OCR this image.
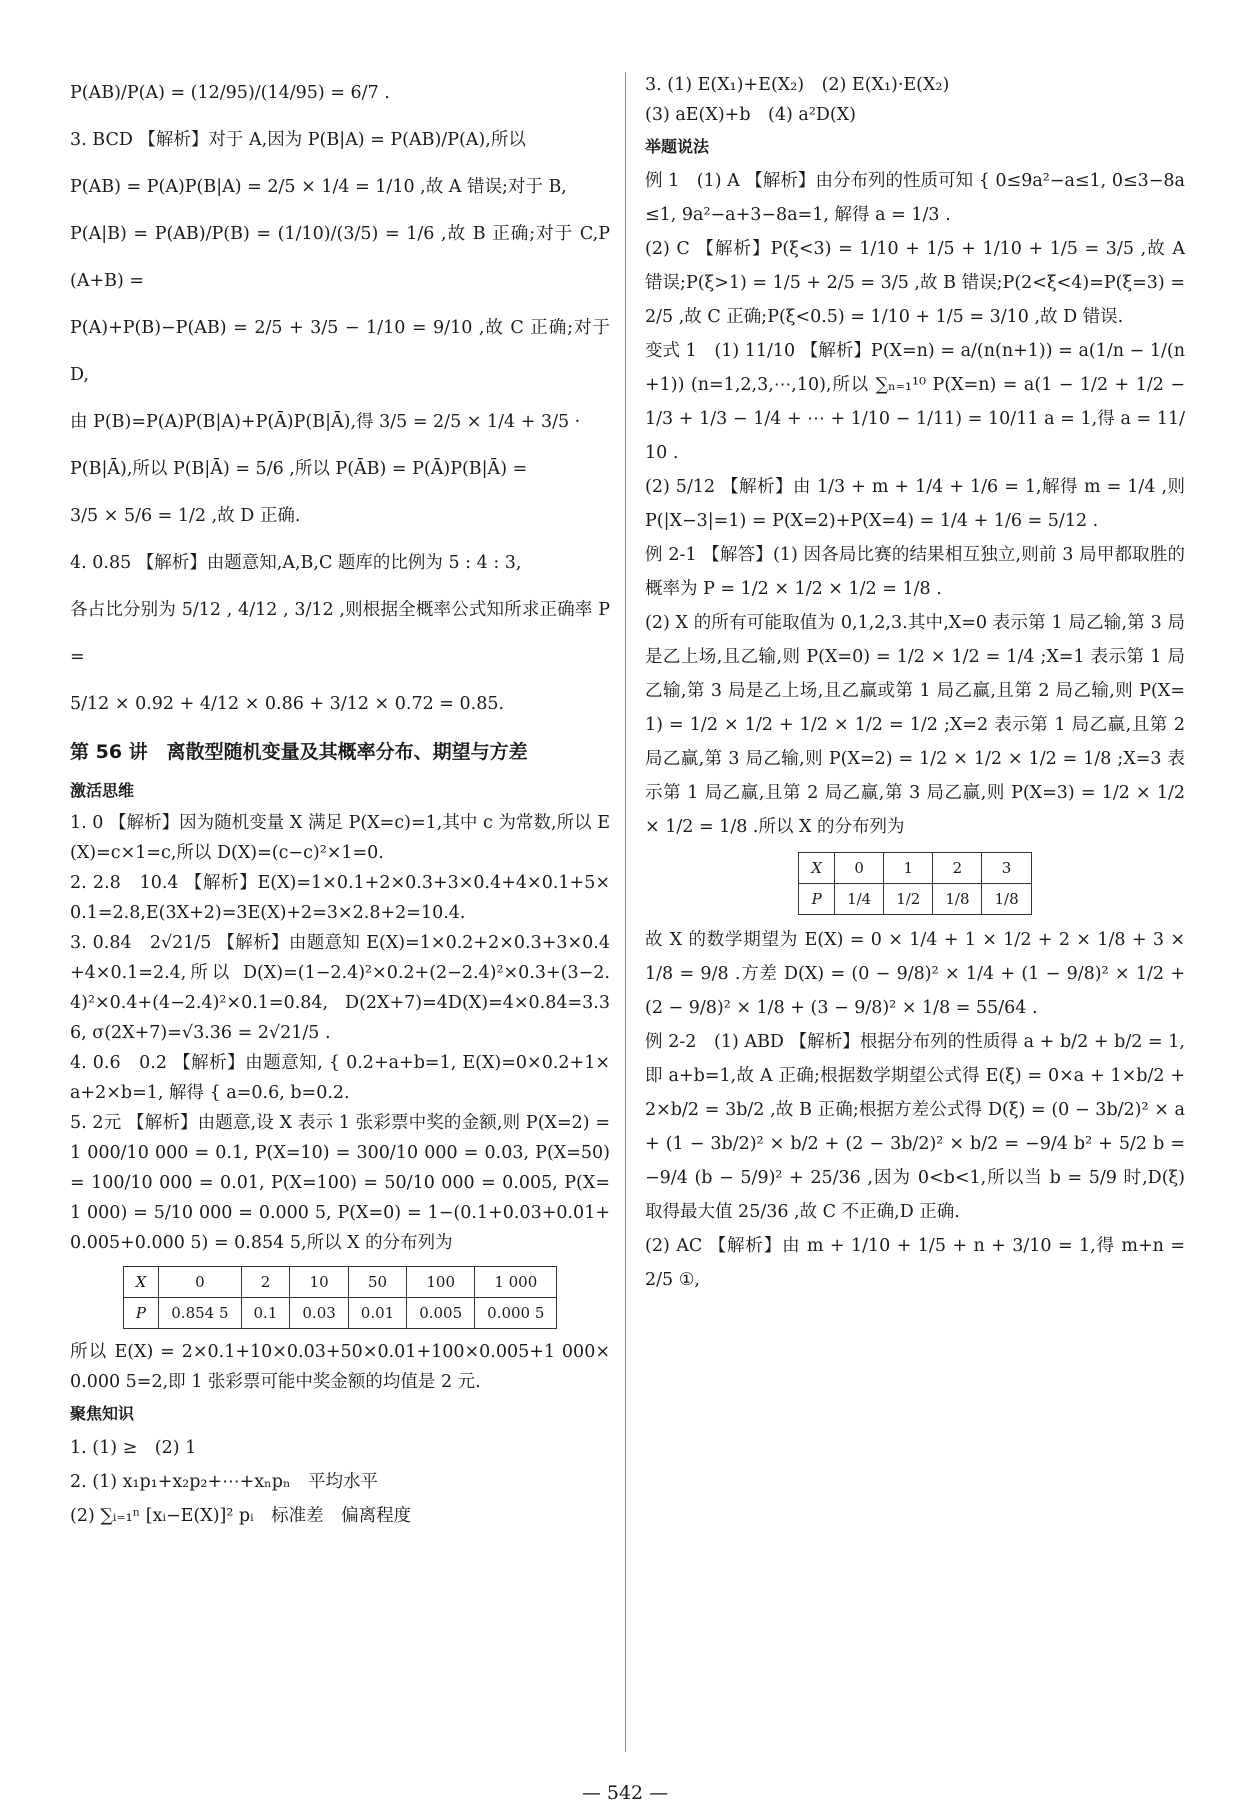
P(AB)/P(A) = (12/95)/(14/95) = 6/7 .

3. BCD 【解析】对于 A,因为 P(B|A) = P(AB)/P(A),所以

P(AB) = P(A)P(B|A) = 2/5 × 1/4 = 1/10 ,故 A 错误;对于 B,

P(A|B) = P(AB)/P(B) = (1/10)/(3/5) = 1/6 ,故 B 正确;对于 C,P(A+B) =

P(A)+P(B)−P(AB) = 2/5 + 3/5 − 1/10 = 9/10 ,故 C 正确;对于 D,

由 P(B)=P(A)P(B|A)+P(Ā)P(B|Ā),得 3/5 = 2/5 × 1/4 + 3/5 ·

P(B|Ā),所以 P(B|Ā) = 5/6 ,所以 P(ĀB) = P(Ā)P(B|Ā) =

3/5 × 5/6 = 1/2 ,故 D 正确.

4. 0.85 【解析】由题意知,A,B,C 题库的比例为 5 : 4 : 3,

各占比分别为 5/12 , 4/12 , 3/12 ,则根据全概率公式知所求正确率 P =

5/12 × 0.92 + 4/12 × 0.86 + 3/12 × 0.72 = 0.85.

第 56 讲　离散型随机变量及其概率分布、期望与方差
激活思维

1. 0 【解析】因为随机变量 X 满足 P(X=c)=1,其中 c 为常数,所以 E(X)=c×1=c,所以 D(X)=(c−c)²×1=0.

2. 2.8　10.4 【解析】E(X)=1×0.1+2×0.3+3×0.4+4×0.1+5×0.1=2.8,E(3X+2)=3E(X)+2=3×2.8+2=10.4.

3. 0.84　2√21/5 【解析】由题意知 E(X)=1×0.2+2×0.3+3×0.4+4×0.1=2.4,所以 D(X)=(1−2.4)²×0.2+(2−2.4)²×0.3+(3−2.4)²×0.4+(4−2.4)²×0.1=0.84, D(2X+7)=4D(X)=4×0.84=3.36, σ(2X+7)=√3.36 = 2√21/5 .

4. 0.6　0.2 【解析】由题意知, { 0.2+a+b=1, E(X)=0×0.2+1×a+2×b=1, 解得 { a=0.6, b=0.2.

5. 2元 【解析】由题意,设 X 表示 1 张彩票中奖的金额,则 P(X=2) = 1 000/10 000 = 0.1, P(X=10) = 300/10 000 = 0.03, P(X=50) = 100/10 000 = 0.01, P(X=100) = 50/10 000 = 0.005, P(X=1 000) = 5/10 000 = 0.000 5, P(X=0) = 1−(0.1+0.03+0.01+0.005+0.000 5) = 0.854 5,所以 X 的分布列为

X	0	2	10	50	100	1 000
P	0.854 5	0.1	0.03	0.01	0.005	0.000 5

所以 E(X) = 2×0.1+10×0.03+50×0.01+100×0.005+1 000×0.000 5=2,即 1 张彩票可能中奖金额的均值是 2 元.

聚焦知识

1. (1) ≥　(2) 1

2. (1) x₁p₁+x₂p₂+⋯+xₙpₙ　平均水平

(2) ∑ᵢ₌₁ⁿ [xᵢ−E(X)]² pᵢ　标准差　偏离程度

3. (1) E(X₁)+E(X₂)　(2) E(X₁)·E(X₂)

(3) aE(X)+b　(4) a²D(X)

举题说法

例 1　(1) A 【解析】由分布列的性质可知 { 0≤9a²−a≤1, 0≤3−8a≤1, 9a²−a+3−8a=1, 解得 a = 1/3 .

(2) C 【解析】P(ξ<3) = 1/10 + 1/5 + 1/10 + 1/5 = 3/5 ,故 A 错误;P(ξ>1) = 1/5 + 2/5 = 3/5 ,故 B 错误;P(2<ξ<4)=P(ξ=3) = 2/5 ,故 C 正确;P(ξ<0.5) = 1/10 + 1/5 = 3/10 ,故 D 错误.

变式 1　(1) 11/10 【解析】P(X=n) = a/(n(n+1)) = a(1/n − 1/(n+1)) (n=1,2,3,⋯,10),所以 ∑ₙ₌₁¹⁰ P(X=n) = a(1 − 1/2 + 1/2 − 1/3 + 1/3 − 1/4 + ⋯ + 1/10 − 1/11) = 10/11 a = 1,得 a = 11/10 .

(2) 5/12 【解析】由 1/3 + m + 1/4 + 1/6 = 1,解得 m = 1/4 ,则 P(|X−3|=1) = P(X=2)+P(X=4) = 1/4 + 1/6 = 5/12 .

例 2-1 【解答】(1) 因各局比赛的结果相互独立,则前 3 局甲都取胜的概率为 P = 1/2 × 1/2 × 1/2 = 1/8 .

(2) X 的所有可能取值为 0,1,2,3.其中,X=0 表示第 1 局乙输,第 3 局是乙上场,且乙输,则 P(X=0) = 1/2 × 1/2 = 1/4 ;X=1 表示第 1 局乙输,第 3 局是乙上场,且乙赢或第 1 局乙赢,且第 2 局乙输,则 P(X=1) = 1/2 × 1/2 + 1/2 × 1/2 = 1/2 ;X=2 表示第 1 局乙赢,且第 2 局乙赢,第 3 局乙输,则 P(X=2) = 1/2 × 1/2 × 1/2 = 1/8 ;X=3 表示第 1 局乙赢,且第 2 局乙赢,第 3 局乙赢,则 P(X=3) = 1/2 × 1/2 × 1/2 = 1/8 .所以 X 的分布列为

X	0	1	2	3
P	1/4	1/2	1/8	1/8

故 X 的数学期望为 E(X) = 0 × 1/4 + 1 × 1/2 + 2 × 1/8 + 3 × 1/8 = 9/8 .方差 D(X) = (0 − 9/8)² × 1/4 + (1 − 9/8)² × 1/2 + (2 − 9/8)² × 1/8 + (3 − 9/8)² × 1/8 = 55/64 .

例 2-2　(1) ABD 【解析】根据分布列的性质得 a + b/2 + b/2 = 1,即 a+b=1,故 A 正确;根据数学期望公式得 E(ξ) = 0×a + 1×b/2 + 2×b/2 = 3b/2 ,故 B 正确;根据方差公式得 D(ξ) = (0 − 3b/2)² × a + (1 − 3b/2)² × b/2 + (2 − 3b/2)² × b/2 = −9/4 b² + 5/2 b = −9/4 (b − 5/9)² + 25/36 ,因为 0<b<1,所以当 b = 5/9 时,D(ξ) 取得最大值 25/36 ,故 C 不正确,D 正确.

(2) AC 【解析】由 m + 1/10 + 1/5 + n + 3/10 = 1,得 m+n = 2/5 ①,

— 542 —
